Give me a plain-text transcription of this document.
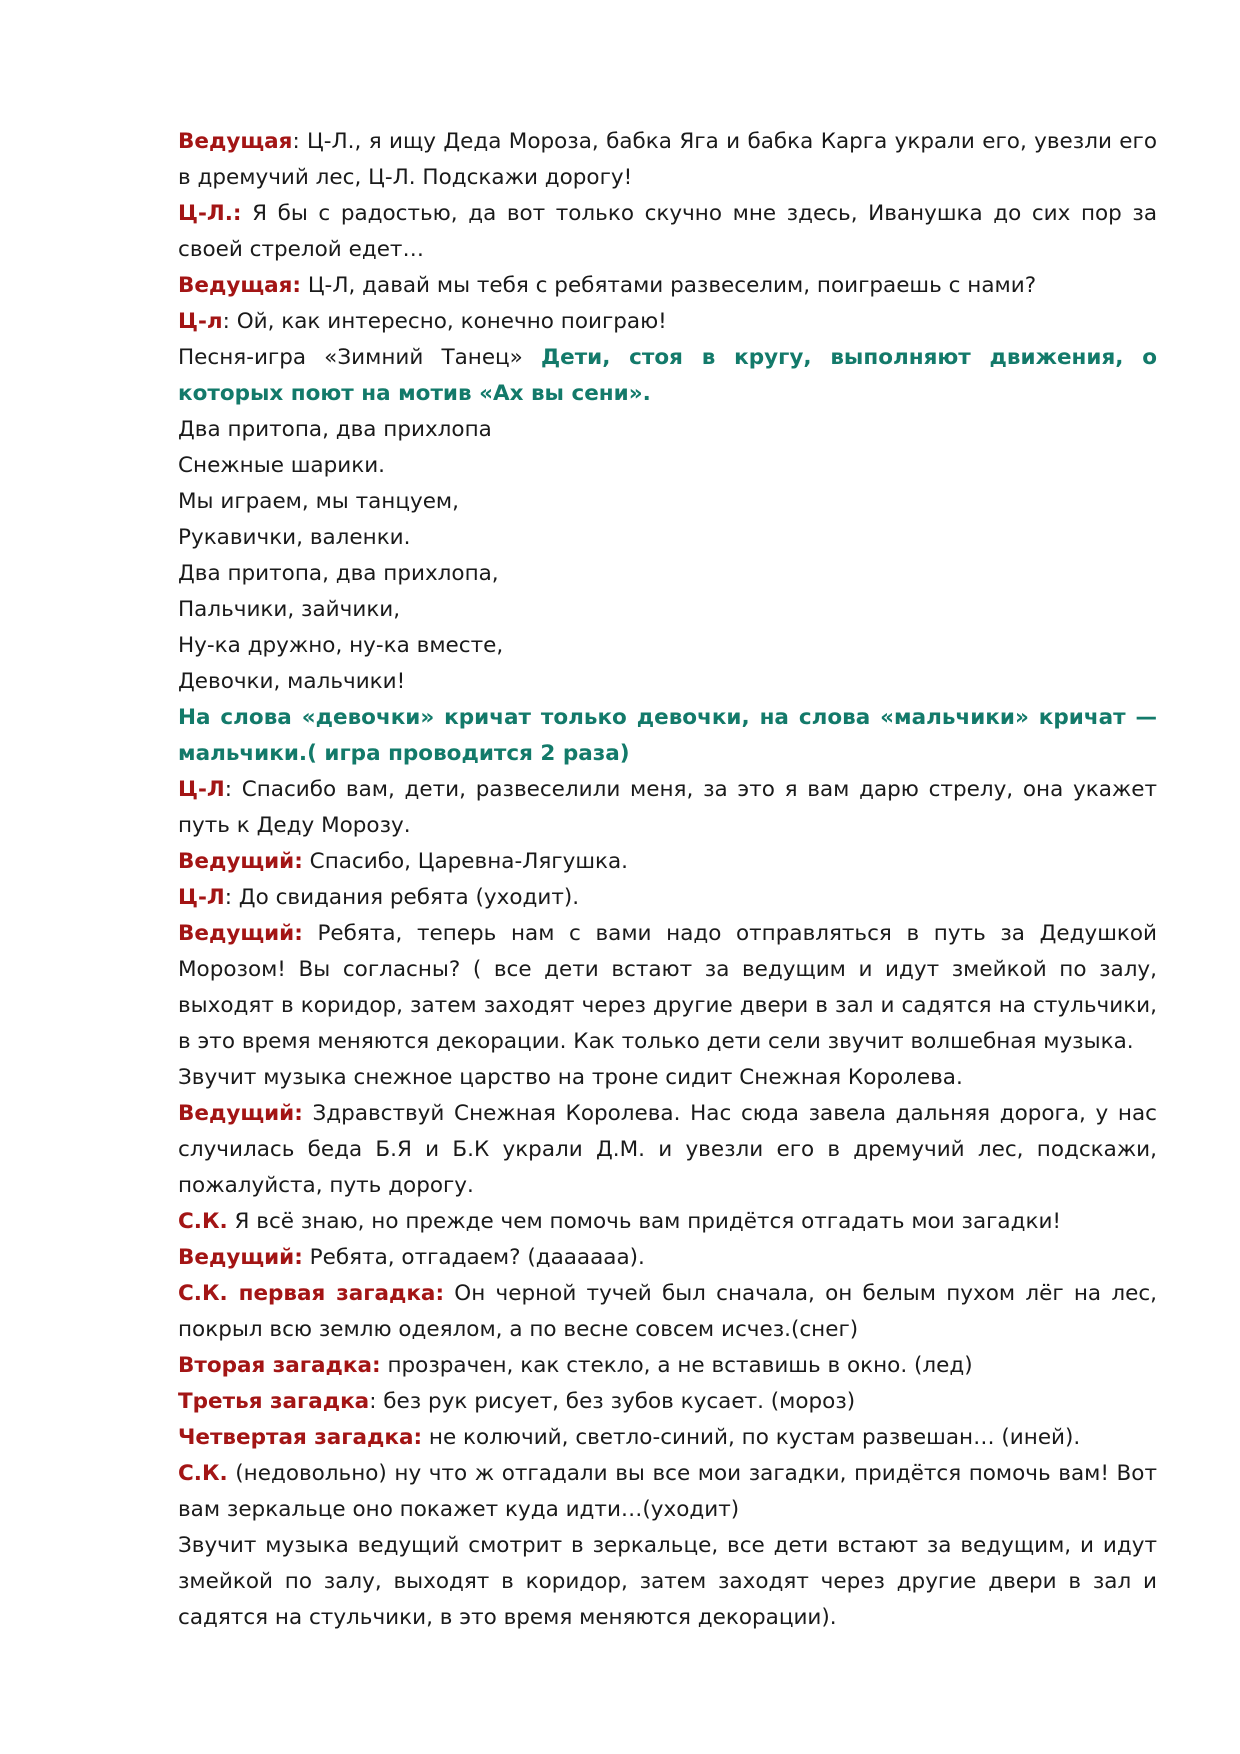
Ведущая: Ц-Л., я ищу Деда Мороза, бабка Яга и бабка Карга украли его, увезли его в дремучий лес, Ц-Л. Подскажи дорогу!

Ц-Л.: Я бы с радостью, да вот только скучно мне здесь, Иванушка до сих пор за своей стрелой едет…

Ведущая: Ц-Л, давай мы тебя с ребятами развеселим, поиграешь с нами?

Ц-л: Ой, как интересно, конечно поиграю!

Песня-игра «Зимний Танец» Дети, стоя в кругу, выполняют движения, о которых поют на мотив «Ах вы сени».

Два притопа, два прихлопа

Снежные шарики.

Мы играем, мы танцуем,

Рукавички, валенки.

Два притопа, два прихлопа,

Пальчики, зайчики,

Ну-ка дружно, ну-ка вместе,

Девочки, мальчики!

На слова «девочки» кричат только девочки, на слова «мальчики» кричат — мальчики.( игра проводится 2 раза)

Ц-Л: Спасибо вам, дети, развеселили меня, за это я вам дарю стрелу, она укажет путь к Деду Морозу.

Ведущий: Спасибо, Царевна-Лягушка.

Ц-Л: До свидания ребята (уходит).

Ведущий: Ребята, теперь нам с вами надо отправляться в путь за Дедушкой Морозом! Вы согласны? ( все дети встают за ведущим и идут змейкой по залу, выходят в коридор, затем заходят через другие двери в зал и садятся на стульчики, в это время меняются декорации. Как только дети сели звучит волшебная музыка.

Звучит музыка снежное царство на троне сидит Снежная Королева.

Ведущий: Здравствуй Снежная Королева. Нас сюда завела дальняя дорога, у нас случилась беда Б.Я и Б.К украли Д.М. и увезли его в дремучий лес, подскажи, пожалуйста, путь дорогу.

С.К. Я всё знаю, но прежде чем помочь вам придётся отгадать мои загадки!

Ведущий: Ребята, отгадаем? (даааааа).

С.К. первая загадка: Он черной тучей был сначала, он белым пухом лёг на лес, покрыл всю землю одеялом, а по весне совсем исчез.(снег)

Вторая загадка: прозрачен, как стекло, а не вставишь в окно. (лед)

Третья загадка: без рук рисует, без зубов кусает. (мороз)

Четвертая загадка: не колючий, светло-синий, по кустам развешан… (иней).

С.К. (недовольно) ну что ж отгадали вы все мои загадки, придётся помочь вам! Вот вам зеркальце оно покажет куда идти…(уходит)

Звучит музыка ведущий смотрит в зеркальце, все дети встают за ведущим, и идут змейкой по залу, выходят в коридор, затем заходят через другие двери в зал и садятся на стульчики, в это время меняются декорации).
